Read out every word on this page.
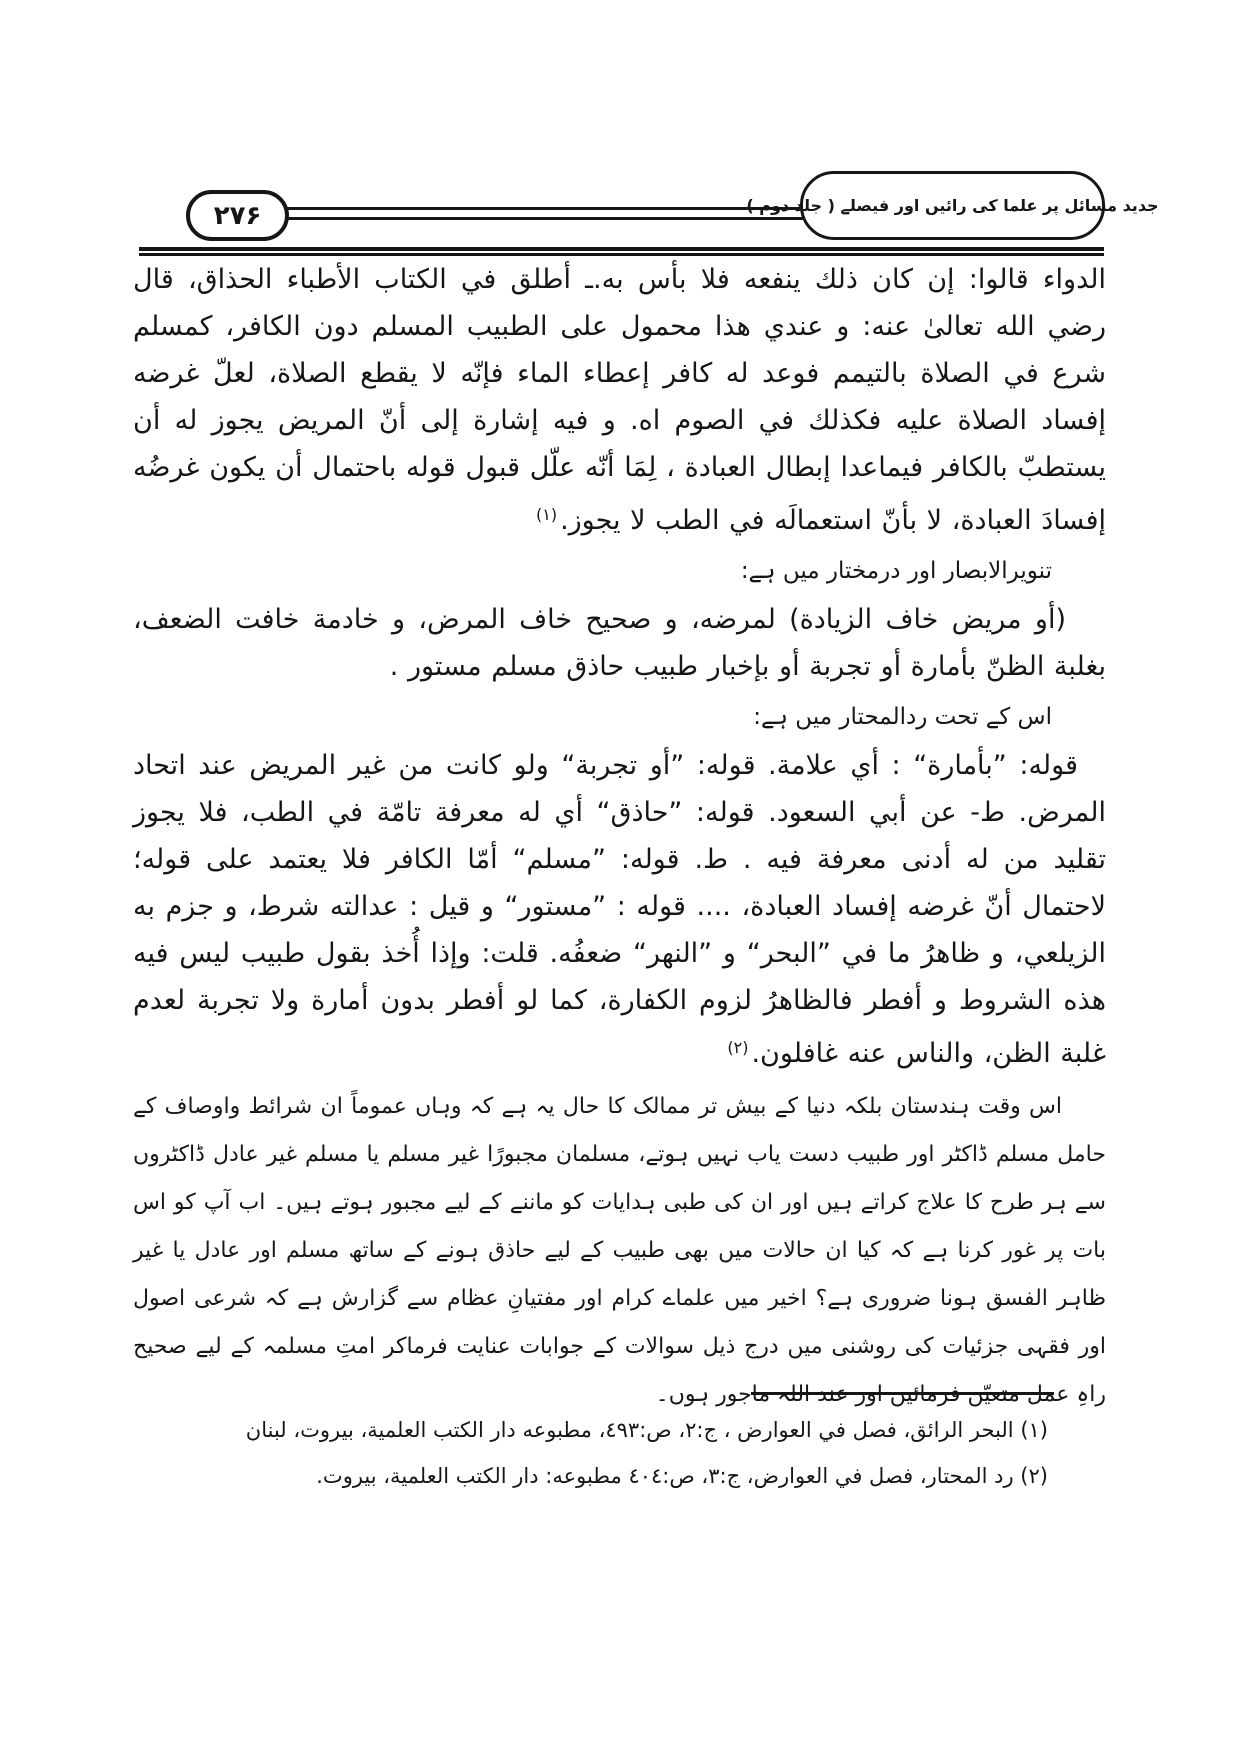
۲۷۶	جدید مسائل پر علما کی رائیں اور فیصلے ( جلد دوم )

الدواء قالوا: إن كان ذلك ينفعه فلا بأس به.ـ أطلق في الكتاب الأطباء الحذاق، قال رضي الله تعالىٰ عنه: و عندي هذا محمول على الطبيب المسلم دون الكافر، كمسلم شرع في الصلاة بالتيمم فوعد له كافر إعطاء الماء فإنّه لا يقطع الصلاة، لعلّ غرضه إفساد الصلاة عليه فكذلك في الصوم اه. و فيه إشارة إلى أنّ المريض يجوز له أن يستطبّ بالكافر فيماعدا إبطال العبادة ، لِمَا أنّه علّل قبول قوله باحتمال أن يكون غرضُه إفسادَ العبادة، لا بأنّ استعمالَه في الطب لا يجوز.$^{(١)}$

تنویرالابصار اور درمختار میں ہے:

(أو مريض خاف الزيادة) لمرضه، و صحيح خاف المرض، و خادمة خافت الضعف، بغلبة الظنّ بأمارة أو تجربة أو بإخبار طبيب حاذق مسلم مستور .

اس کے تحت ردالمحتار میں ہے:

قوله: ”بأمارة“ : أي علامة. قوله: ”أو تجربة“ ولو كانت من غير المريض عند اتحاد المرض. ط- عن أبي السعود. قوله: ”حاذق“ أي له معرفة تامّة في الطب، فلا يجوز تقليد من له أدنى معرفة فيه . ط. قوله: ”مسلم“ أمّا الكافر فلا يعتمد على قوله؛ لاحتمال أنّ غرضه إفساد العبادة، .... قوله : ”مستور“ و قيل : عدالته شرط، و جزم به الزيلعي، و ظاهرُ ما في ”البحر“ و ”النهر“ ضعفُه. قلت: وإذا أُخذ بقول طبيب ليس فيه هذه الشروط و أفطر فالظاهرُ لزوم الكفارة، كما لو أفطر بدون أمارة ولا تجربة لعدم غلبة الظن، والناس عنه غافلون.$^{(٢)}$

اس وقت ہندستان بلکہ دنیا کے بیش تر ممالک کا حال یہ ہے کہ وہاں عموماً ان شرائط واوصاف کے حامل مسلم ڈاکٹر اور طبیب دست یاب نہیں ہوتے، مسلمان مجبورًا غیر مسلم یا مسلم غیر عادل ڈاکٹروں سے ہر طرح کا علاج کراتے ہیں اور ان کی طبی ہدایات کو ماننے کے لیے مجبور ہوتے ہیں۔ اب آپ کو اس بات پر غور کرنا ہے کہ کیا ان حالات میں بھی طبیب کے لیے حاذق ہونے کے ساتھ مسلم اور عادل یا غیر ظاہر الفسق ہونا ضروری ہے؟ اخیر میں علماے کرام اور مفتیانِ عظام سے گزارش ہے کہ شرعی اصول اور فقہی جزئیات کی روشنی میں درج ذیل سوالات کے جوابات عنایت فرماکر امتِ مسلمہ کے لیے صحیح راہِ عمل متعیّن فرمائیں اور عند اللہ ماجور ہوں۔

(١) البحر الرائق، فصل في العوارض ، ج:٢، ص:٤٩٣، مطبوعه دار الكتب العلمية، بيروت، لبنان

(٢) رد المحتار، فصل في العوارض، ج:٣، ص:٤٠٤ مطبوعه: دار الكتب العلمية، بيروت.
